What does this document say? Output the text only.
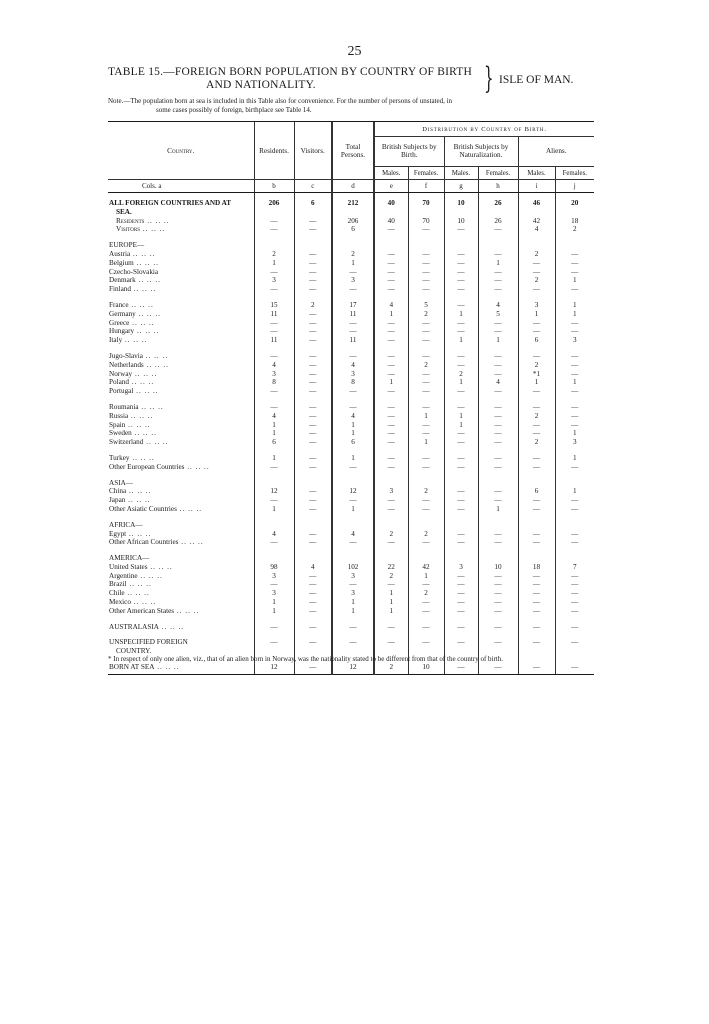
25
TABLE 15.—FOREIGN BORN POPULATION BY COUNTRY OF BIRTH
AND NATIONALITY.	} ISLE OF MAN.
Note.—The population born at sea is included in this Table also for convenience. For the number of persons of unstated, in
some cases possibly of foreign, birthplace see Table 14.

Country.	Residents.	Visitors.	Total Persons.	Distribution by Country of Birth.					
				British Subjects by Birth.		British Subjects by Naturalization.		Aliens.	
				Males.	Females.	Males.	Females.	Males.	Females.
Cols. a	b	c	d	e	f	g	h	i	j

ALL FOREIGN COUNTRIES AND AT	206	6	212	40	70	10	26	46	20
SEA.									
Residents .. .. ..	—	—	206	40	70	10	26	42	18
Visitors .. .. ..	—	—	6	—	—	—	—	4	2

EUROPE—									
Austria .. .. ..	2	—	2	—	—	—	—	2	—
Belgium .. .. ..	1	—	1	—	—	—	1	—	—
Czecho-Slovakia	—	—	—	—	—	—	—	—	—
Denmark .. .. ..	3	—	3	—	—	—	—	2	1
Finland .. .. ..	—	—	—	—	—	—	—	—	—

France .. .. ..	15	2	17	4	5	—	4	3	1
Germany .. .. ..	11	—	11	1	2	1	5	1	1
Greece .. .. ..	—	—	—	—	—	—	—	—	—
Hungary .. .. ..	—	—	—	—	—	—	—	—	—
Italy .. .. ..	11	—	11	—	—	1	1	6	3

Jugo-Slavia .. .. ..	—	—	—	—	—	—	—	—	—
Netherlands .. .. ..	4	—	4	—	2	—	—	2	—
Norway .. .. ..	3	—	3	—	—	2	—	*1	—
Poland .. .. ..	8	—	8	1	—	1	4	1	1
Portugal .. .. ..	—	—	—	—	—	—	—	—	—

Roumania .. .. ..	—	—	—	—	—	—	—	—	—
Russia .. .. ..	4	—	4	—	1	1	—	2	—
Spain .. .. ..	1	—	1	—	—	1	—	—	—
Sweden .. .. ..	1	—	1	—	—	—	—	—	1
Switzerland .. .. ..	6	—	6	—	1	—	—	2	3

Turkey .. .. ..	1	—	1	—	—	—	—	—	1
Other European Countries .. .. ..	—	—	—	—	—	—	—	—	—

ASIA—									
China .. .. ..	12	—	12	3	2	—	—	6	1
Japan .. .. ..	—	—	—	—	—	—	—	—	—
Other Asiatic Countries .. .. ..	1	—	1	—	—	—	1	—	—

AFRICA—									
Egypt .. .. ..	4	—	4	2	2	—	—	—	—
Other African Countries .. .. ..	—	—	—	—	—	—	—	—	—

AMERICA—									
United States .. .. ..	98	4	102	22	42	3	10	18	7
Argentine .. .. ..	3	—	3	2	1	—	—	—	—
Brazil .. .. ..	—	—	—	—	—	—	—	—	—
Chile .. .. ..	3	—	3	1	2	—	—	—	—
Mexico .. .. ..	1	—	1	1	—	—	—	—	—
Other American States .. .. ..	1	—	1	1	—	—	—	—	—

AUSTRALASIA .. .. ..	—	—	—	—	—	—	—	—	—

UNSPECIFIED FOREIGN	—	—	—	—	—	—	—	—	—
COUNTRY.									

BORN AT SEA .. .. ..	12	—	12	2	10	—	—	—	—
* In respect of only one alien, viz., that of an alien born in Norway, was the nationality stated to be different from that of the country of birth.
